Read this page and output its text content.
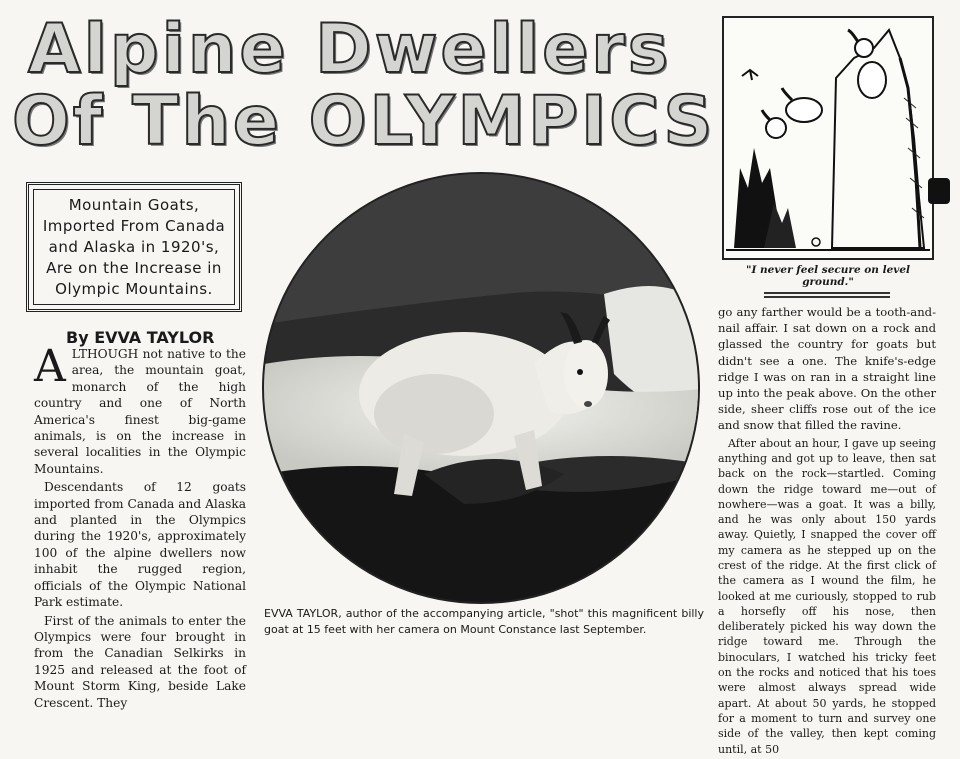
Alpine Dwellers
Of The OLYMPICS
Mountain Goats, Imported From Canada and Alaska in 1920's, Are on the Increase in Olympic Mountains.
By EVVA TAYLOR

ALTHOUGH not native to the area, the mountain goat, monarch of the high country and one of North America's finest big-game animals, is on the increase in several localities in the Olympic Mountains.

Descendants of 12 goats imported from Canada and Alaska and planted in the Olympics during the 1920's, approximately 100 of the alpine dwellers now inhabit the rugged region, officials of the Olympic National Park estimate.

First of the animals to enter the Olympics were four brought in from the Canadian Selkirks in 1925 and released at the foot of Mount Storm King, beside Lake Crescent. They

EVVA TAYLOR, author of the accompanying article, "shot" this magnificent billy goat at 15 feet with her camera on Mount Constance last September.
"I never feel secure on level ground."

go any farther would be a tooth-and-nail affair. I sat down on a rock and glassed the country for goats but didn't see a one. The knife's-edge ridge I was on ran in a straight line up into the peak above. On the other side, sheer cliffs rose out of the ice and snow that filled the ravine.

After about an hour, I gave up seeing anything and got up to leave, then sat back on the rock—startled. Coming down the ridge toward me—out of nowhere—was a goat. It was a billy, and he was only about 150 yards away. Quietly, I snapped the cover off my camera as he stepped up on the crest of the ridge. At the first click of the camera as I wound the film, he looked at me curiously, stopped to rub a horsefly off his nose, then deliberately picked his way down the ridge toward me. Through the binoculars, I watched his tricky feet on the rocks and noticed that his toes were almost always spread wide apart. At about 50 yards, he stopped for a moment to turn and survey one side of the valley, then kept coming until, at 50
